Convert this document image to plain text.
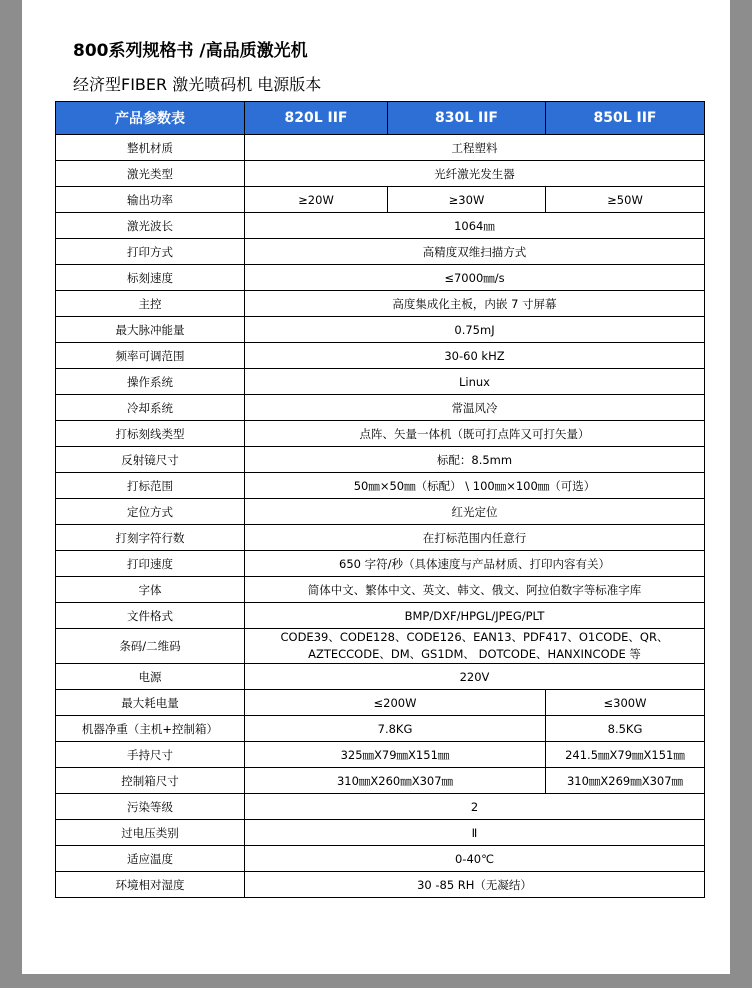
800系列规格书 /高品质激光机
经济型FIBER 激光喷码机 电源版本
产品参数表	820L IIF	830L IIF	850L IIF
整机材质	工程塑料		
激光类型	光纤激光发生器		
输出功率	≥20W	≥30W	≥50W
激光波长	1064㎚		
打印方式	高精度双维扫描方式		
标刻速度	≤7000㎜/s		
主控	高度集成化主板，内嵌 7 寸屏幕		
最大脉冲能量	0.75mJ		
频率可调范围	30-60 kHZ		
操作系统	Linux		
冷却系统	常温风冷		
打标刻线类型	点阵、矢量一体机（既可打点阵又可打矢量）		
反射镜尺寸	标配：8.5mm		
打标范围	50㎜×50㎜（标配） \ 100㎜×100㎜（可选）		
定位方式	红光定位		
打刻字符行数	在打标范围内任意行		
打印速度	650 字符/秒（具体速度与产品材质、打印内容有关）		
字体	简体中文、繁体中文、英文、韩文、俄文、阿拉伯数字等标准字库		
文件格式	BMP/DXF/HPGL/JPEG/PLT		
条码/二维码	CODE39、CODE128、CODE126、EAN13、PDF417、O1CODE、QR、AZTECCODE、DM、GS1DM、 DOTCODE、HANXINCODE 等		
电源	220V		
最大耗电量	≤200W		≤300W
机器净重（主机+控制箱）	7.8KG		8.5KG
手持尺寸	325㎜X79㎜X151㎜		241.5㎜X79㎜X151㎜
控制箱尺寸	310㎜X260㎜X307㎜		310㎜X269㎜X307㎜
污染等级	2		
过电压类别	Ⅱ		
适应温度	0-40℃		
环境相对湿度	30 -85 RH（无凝结）		
